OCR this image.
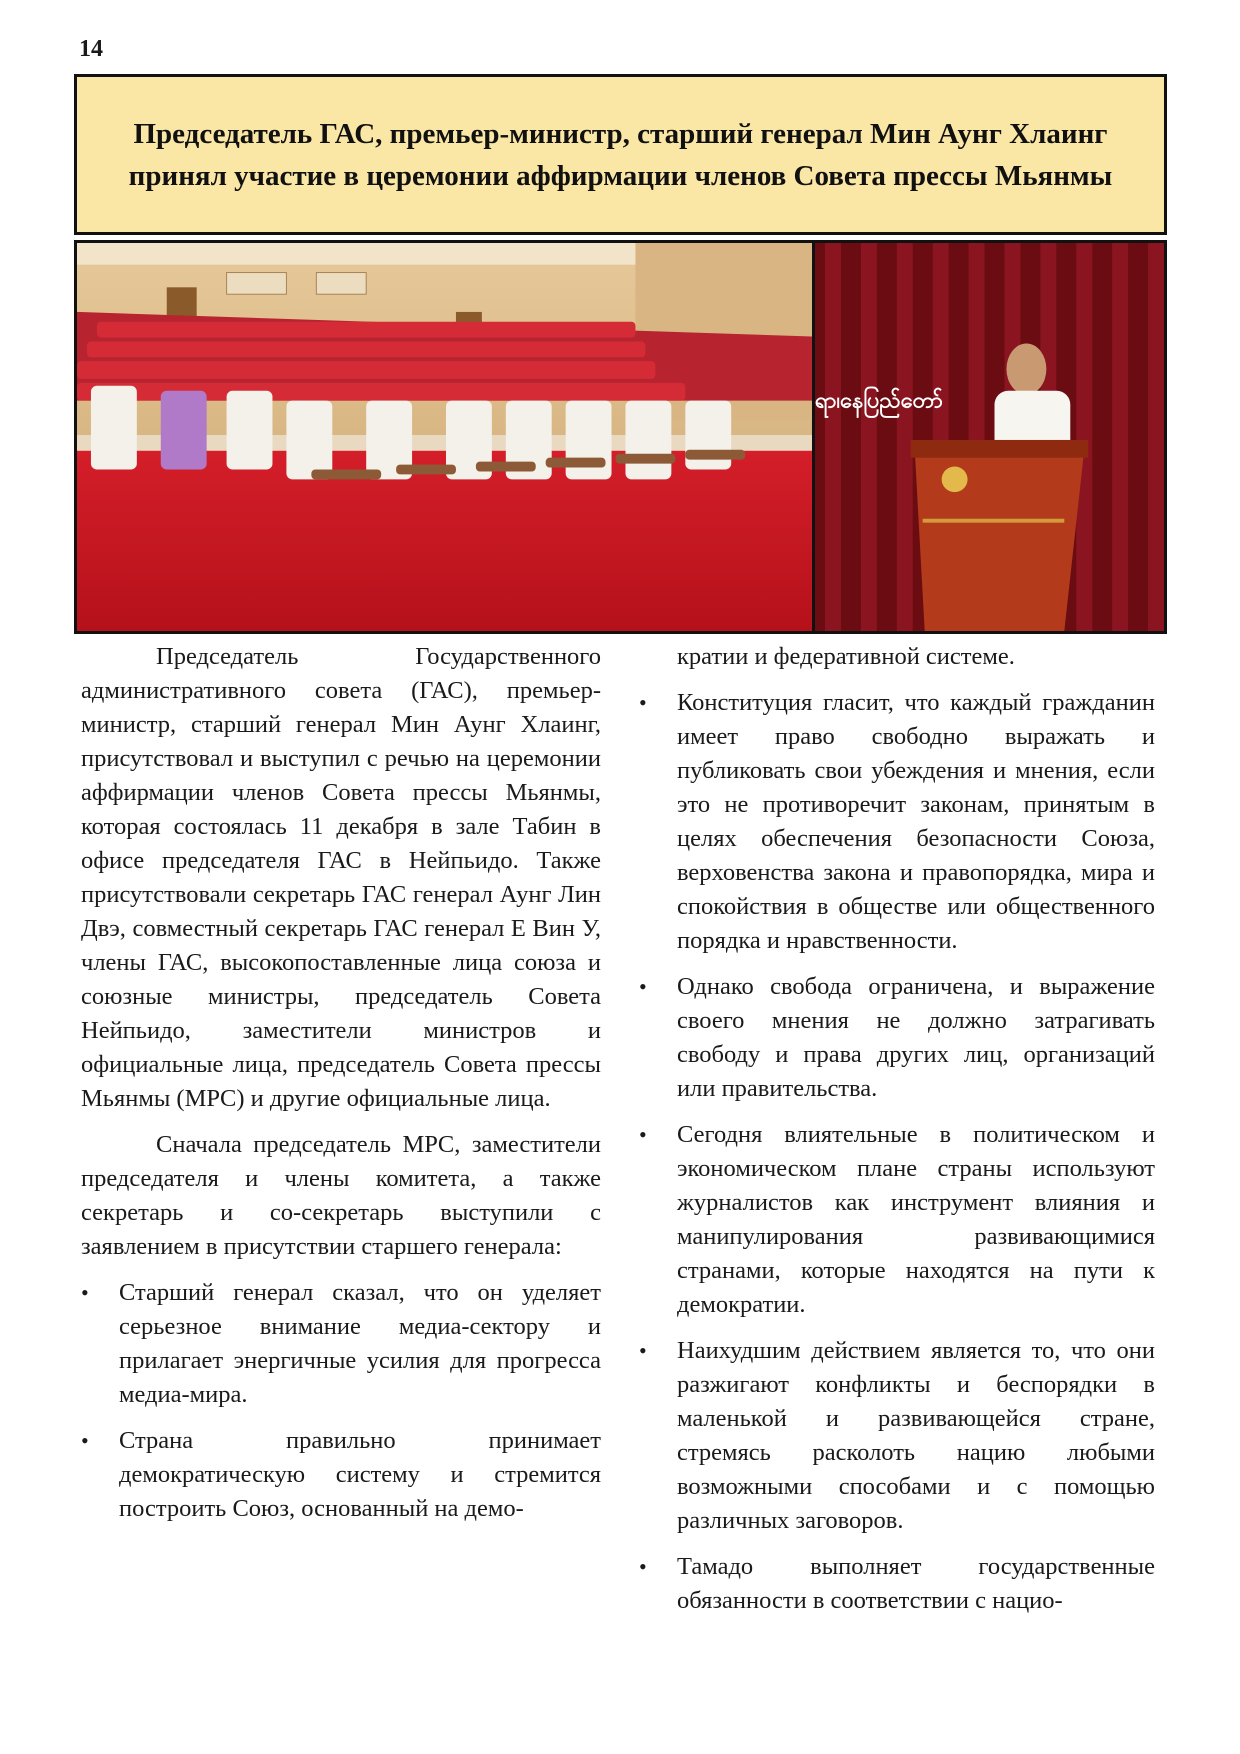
14
Председатель ГАС, премьер-министр, старший генерал Мин Аунг Хлаинг принял участие в церемонии аффирмации членов Совета прессы Мьянмы
ရာ၊နေပြည်တော်

Председатель Государственного административного совета (ГАС), премьер-министр, старший генерал Мин Аунг Хлаинг, присутствовал и выступил с речью на церемонии аффирмации членов Совета прессы Мьянмы, которая состоялась 11 декабря в зале Табин в офисе председателя ГАС в Нейпьидо. Также присутствовали секретарь ГАС генерал Аунг Лин Двэ, совместный секретарь ГАС генерал Е Вин У, члены ГАС, высокопоставленные лица союза и союзные министры, председатель Совета Нейпьидо, заместители министров и официальные лица, председатель Совета прессы Мьянмы (MPC) и другие официальные лица.

Сначала председатель MPC, заместители председателя и члены комитета, а также секретарь и со-секретарь выступили с заявлением в присутствии старшего генерала:

• Старший генерал сказал, что он уделяет серьезное внимание медиа-сектору и прилагает энергичные усилия для прогресса медиа-мира.
• Страна правильно принимает демократическую систему и стремится построить Союз, основанный на демо-

кратии и федеративной системе.

• Конституция гласит, что каждый гражданин имеет право свободно выражать и публиковать свои убеждения и мнения, если это не противоречит законам, принятым в целях обеспечения безопасности Союза, верховенства закона и правопорядка, мира и спокойствия в обществе или общественного порядка и нравственности.
• Однако свобода ограничена, и выражение своего мнения не должно затрагивать свободу и права других лиц, организаций или правительства.
• Сегодня влиятельные в политическом и экономическом плане страны используют журналистов как инструмент влияния и манипулирования развивающимися странами, которые находятся на пути к демократии.
• Наихудшим действием является то, что они разжигают конфликты и беспорядки в маленькой и развивающейся стране, стремясь расколоть нацию любыми возможными способами и с помощью различных заговоров.
• Тамадо выполняет государственные обязанности в соответствии с нацио-
